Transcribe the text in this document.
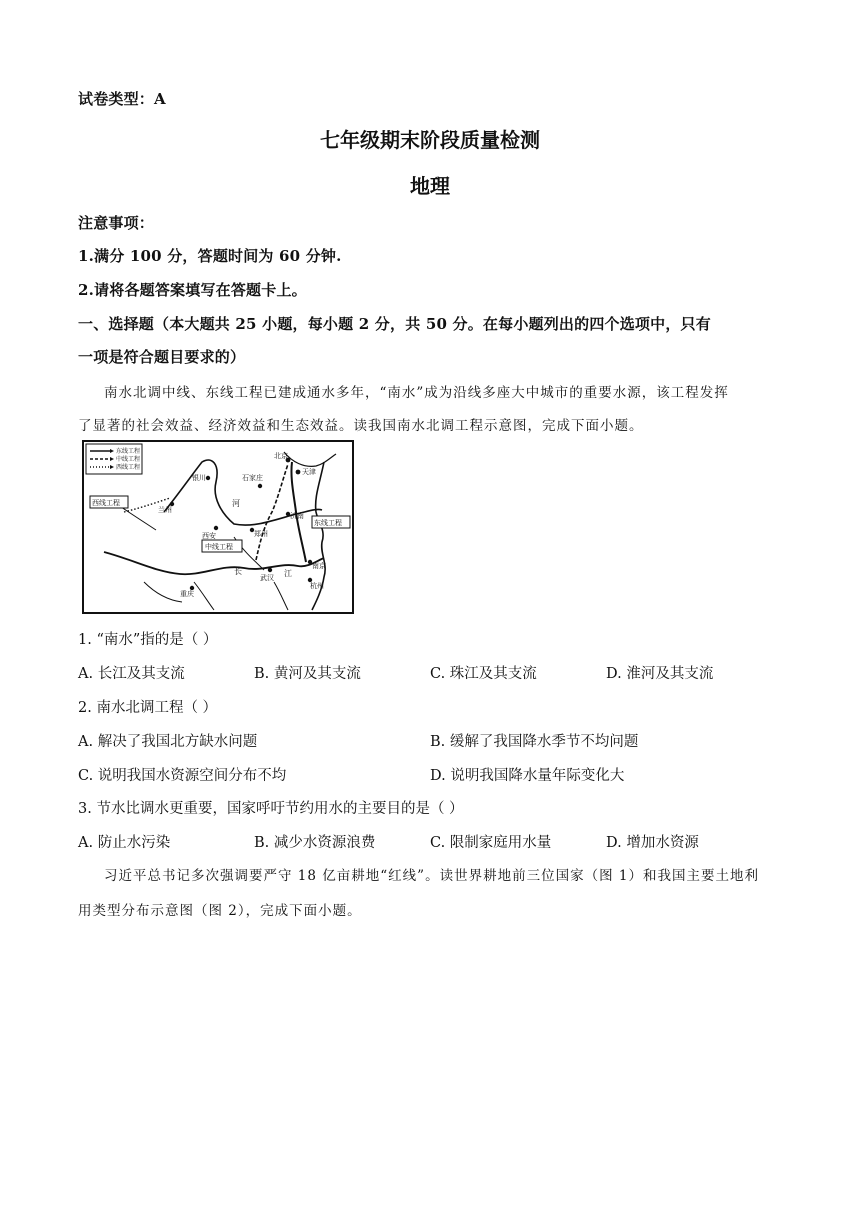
试卷类型：A
七年级期末阶段质量检测
地理
注意事项：
1.满分 100 分，答题时间为 60 分钟.
2.请将各题答案填写在答题卡上。
一、选择题（本大题共 25 小题，每小题 2 分，共 50 分。在每小题列出的四个选项中，只有
一项是符合题目要求的）
南水北调中线、东线工程已建成通水多年，“南水”成为沿线多座大中城市的重要水源，该工程发挥
了显著的社会效益、经济效益和生态效益。读我国南水北调工程示意图，完成下面小题。
东线工程
中线工程
西线工程
银川
兰州
北京
天津
石家庄
济南
西安	郑州
武汉
南京
杭州
重庆
河
江
长
东线工程
中线工程
西线工程
1. “南水”指的是（ ）
A. 长江及其支流	B. 黄河及其支流	C. 珠江及其支流	D. 淮河及其支流
2. 南水北调工程（ ）
A. 解决了我国北方缺水问题	B. 缓解了我国降水季节不均问题
C. 说明我国水资源空间分布不均	D. 说明我国降水量年际变化大
3. 节水比调水更重要，国家呼吁节约用水的主要目的是（ ）
A. 防止水污染	B. 减少水资源浪费	C. 限制家庭用水量	D. 增加水资源
习近平总书记多次强调要严守 18 亿亩耕地“红线”。读世界耕地前三位国家（图 1）和我国主要土地利
用类型分布示意图（图 2），完成下面小题。
